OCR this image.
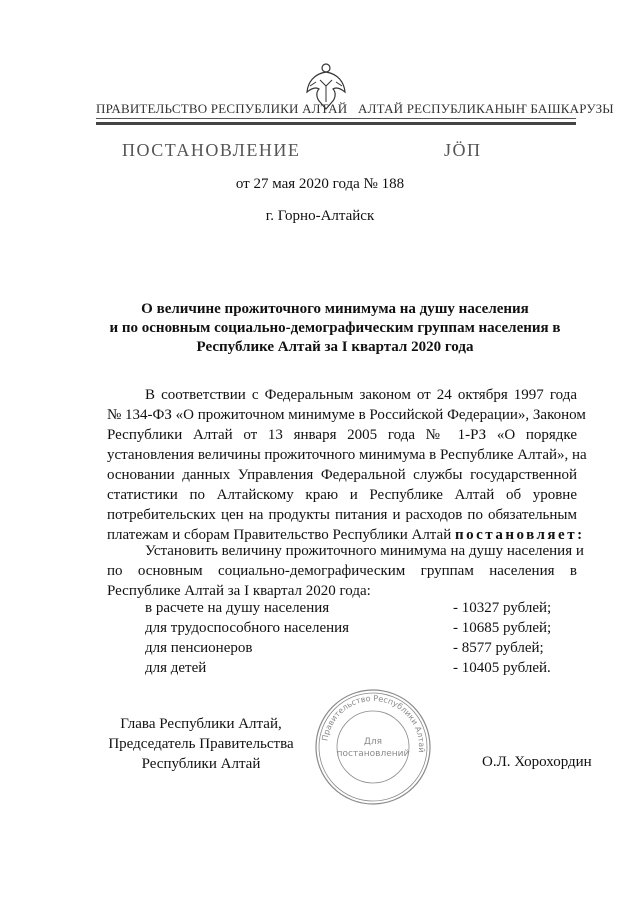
ПРАВИТЕЛЬСТВО РЕСПУБЛИКИ АЛТАЙ АЛТАЙ РЕСПУБЛИКАНЫҤ БАШКАРУЗЫ
ПОСТАНОВЛЕНИЕ	ЈӦП
от 27 мая 2020 года № 188
г. Горно-Алтайск
О величине прожиточного минимума на душу населения
и по основным социально-демографическим группам населения в
Республике Алтай за I квартал 2020 года
В соответствии с Федеральным законом от 24 октября 1997 года
№ 134-ФЗ «О прожиточном минимуме в Российской Федерации», Законом
Республики Алтай от 13 января 2005 года № 1-РЗ «О порядке
установления величины прожиточного минимума в Республике Алтай», на
основании данных Управления Федеральной службы государственной
статистики по Алтайскому краю и Республике Алтай об уровне
потребительских цен на продукты питания и расходов по обязательным
платежам и сборам Правительство Республики Алтай постановляет:
Установить величину прожиточного минимума на душу населения и
по основным социально-демографическим группам населения в
Республике Алтай за I квартал 2020 года:
в расчете на душу населения	- 10327 рублей;
для трудоспособного населения	- 10685 рублей;
для пенсионеров	- 8577 рублей;
для детей	- 10405 рублей.
Правительство Республики Алтай
Для
постановлений
Глава Республики Алтай,
Председатель Правительства
Республики Алтай	О.Л. Хорохордин
